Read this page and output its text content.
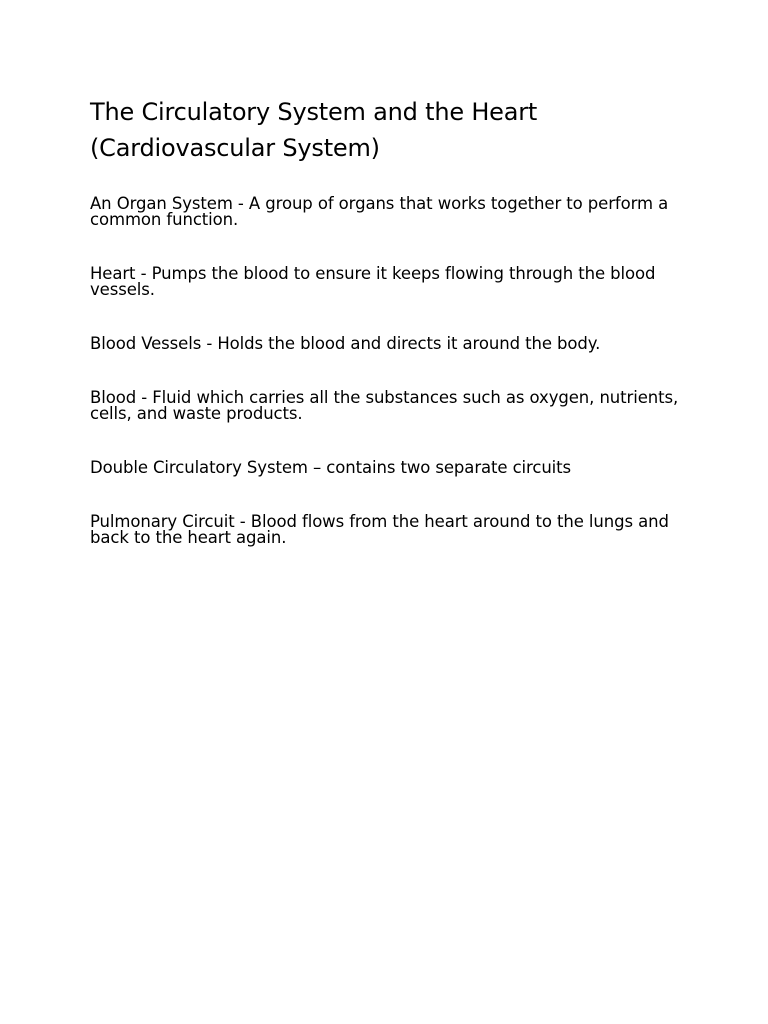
The Circulatory System and the Heart
(Cardiovascular System)

An Organ System - A group of organs that works together to perform a common function.

Heart - Pumps the blood to ensure it keeps flowing through the blood vessels.

Blood Vessels - Holds the blood and directs it around the body.

Blood - Fluid which carries all the substances such as oxygen, nutrients, cells, and waste products.

Double Circulatory System – contains two separate circuits

Pulmonary Circuit - Blood flows from the heart around to the lungs and back to the heart again.
